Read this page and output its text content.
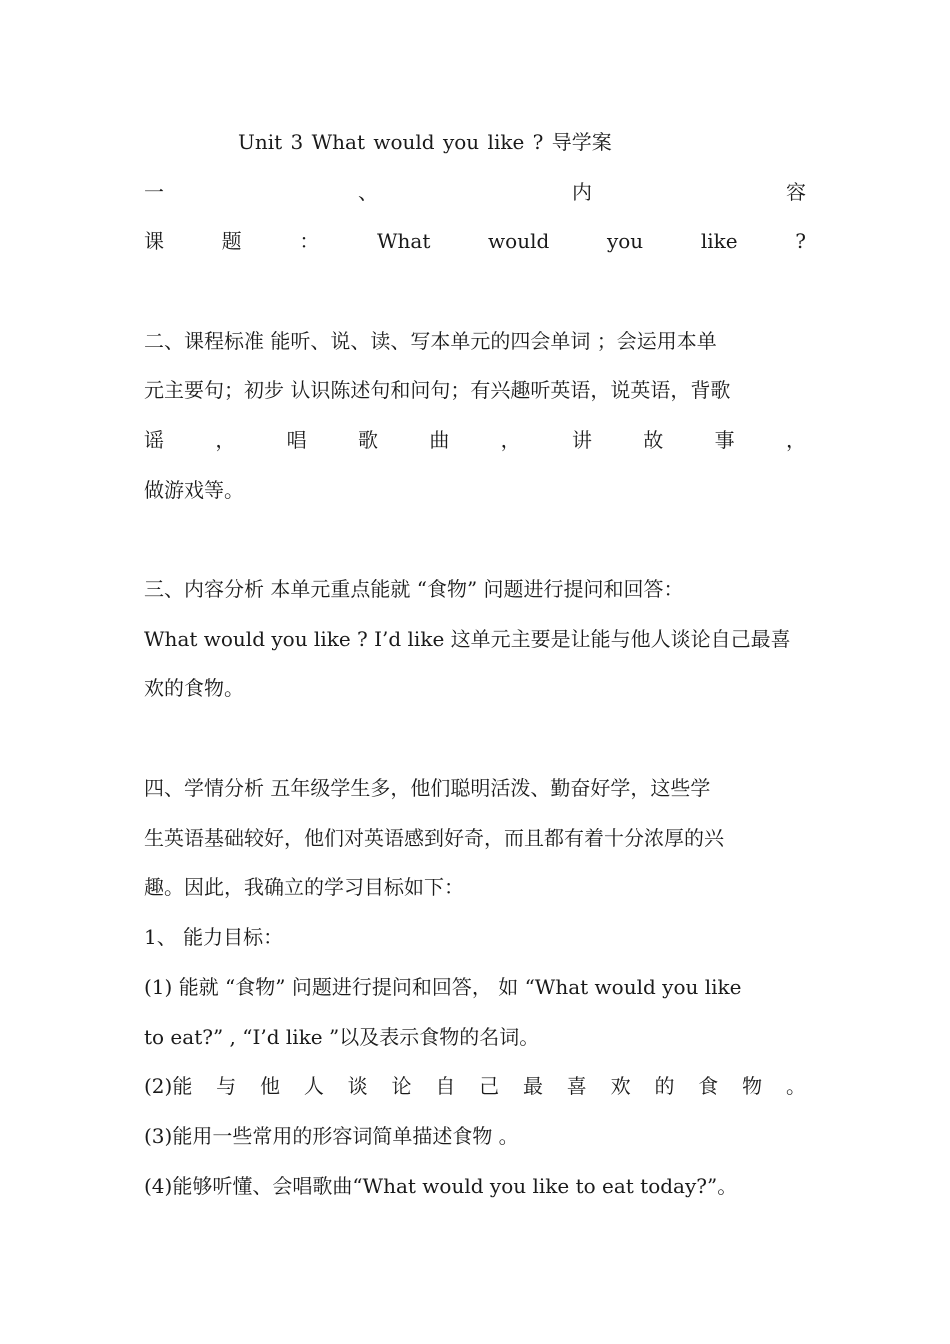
Unit 3 What would you like ? 导学案
一	、	内	容
课	题	：	What	would	you	like	?
二、课程标准 能听、说、读、写本单元的四会单词 ；会运用本单
元主要句；初步 认识陈述句和问句；有兴趣听英语，说英语，背歌
谣	，	唱	歌	曲	，	讲	故	事	，
做游戏等。
三、内容分析 本单元重点能就 “食物” 问题进行提问和回答：
What would you like ? I’d like 这单元主要是让能与他人谈论自己最喜
欢的食物。
四、学情分析 五年级学生多，他们聪明活泼、勤奋好学，这些学
生英语基础较好，他们对英语感到好奇，而且都有着十分浓厚的兴
趣。因此，我确立的学习目标如下：
1、 能力目标：
(1) 能就 “食物” 问题进行提问和回答， 如 “What would you like
to eat?” , “I’d like ”以及表示食物的名词。
(2)能 与 他 人 谈 论 自 己 最 喜 欢 的 食 物 。
(3)能用一些常用的形容词简单描述食物 。
(4)能够听懂、会唱歌曲“What would you like to eat today?”。
